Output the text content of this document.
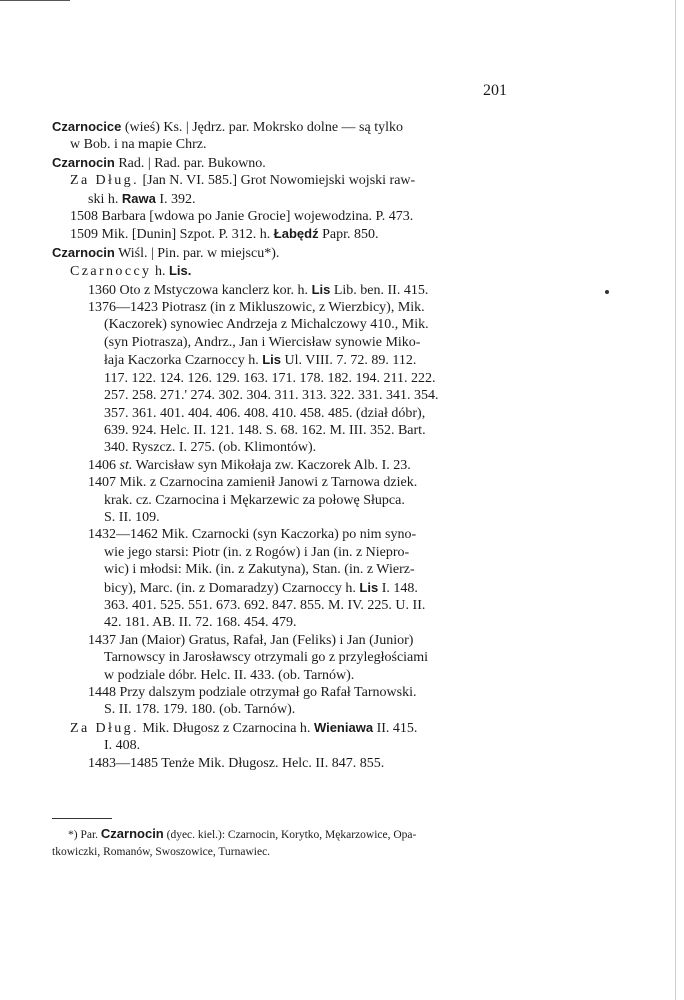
201
Czarnocice (wieś) Ks. | Jędrz. par. Mokrsko dolne — są tylko
w Bob. i na mapie Chrz.
Czarnocin Rad. | Rad. par. Bukowno.
Za Dług. [Jan N. VI. 585.] Grot Nowomiejski wojski raw-
ski h. Rawa I. 392.
1508 Barbara [wdowa po Janie Grocie] wojewodzina. P. 473.
1509 Mik. [Dunin] Szpot. P. 312. h. Łabędź Papr. 850.
Czarnocin Wiśl. | Pin. par. w miejscu*).
Czarnoccy h. Lis.
1360 Oto z Mstyczowa kanclerz kor. h. Lis Lib. ben. II. 415.
1376—1423 Piotrasz (in z Mikluszowic, z Wierzbicy), Mik.
(Kaczorek) synowiec Andrzeja z Michalczowy 410., Mik.
(syn Piotrasza), Andrz., Jan i Wiercisław synowie Miko-
łaja Kaczorka Czarnoccy h. Lis Ul. VIII. 7. 72. 89. 112.
117. 122. 124. 126. 129. 163. 171. 178. 182. 194. 211. 222.
257. 258. 271.' 274. 302. 304. 311. 313. 322. 331. 341. 354.
357. 361. 401. 404. 406. 408. 410. 458. 485. (dział dóbr),
639. 924. Helc. II. 121. 148. S. 68. 162. M. III. 352. Bart.
340. Ryszcz. I. 275. (ob. Klimontów).
1406 st. Warcisław syn Mikołaja zw. Kaczorek Alb. I. 23.
1407 Mik. z Czarnocina zamienił Janowi z Tarnowa dziek.
krak. cz. Czarnocina i Mękarzewic za połowę Słupca.
S. II. 109.
1432—1462 Mik. Czarnocki (syn Kaczorka) po nim syno-
wie jego starsi: Piotr (in. z Rogów) i Jan (in. z Niepro-
wic) i młodsi: Mik. (in. z Zakutyna), Stan. (in. z Wierz-
bicy), Marc. (in. z Domaradzy) Czarnoccy h. Lis I. 148.
363. 401. 525. 551. 673. 692. 847. 855. M. IV. 225. U. II.
42. 181. AB. II. 72. 168. 454. 479.
1437 Jan (Maior) Gratus, Rafał, Jan (Feliks) i Jan (Junior)
Tarnowscy in Jarosławscy otrzymali go z przyległościami
w podziale dóbr. Helc. II. 433. (ob. Tarnów).
1448 Przy dalszym podziale otrzymał go Rafał Tarnowski.
S. II. 178. 179. 180. (ob. Tarnów).
Za Dług. Mik. Długosz z Czarnocina h. Wieniawa II. 415.
I. 408.
1483—1485 Tenże Mik. Długosz. Helc. II. 847. 855.
*) Par. Czarnocin (dyec. kiel.): Czarnocin, Korytko, Mękarzowice, Opa-
tkowiczki, Romanów, Swoszowice, Turnawiec.
